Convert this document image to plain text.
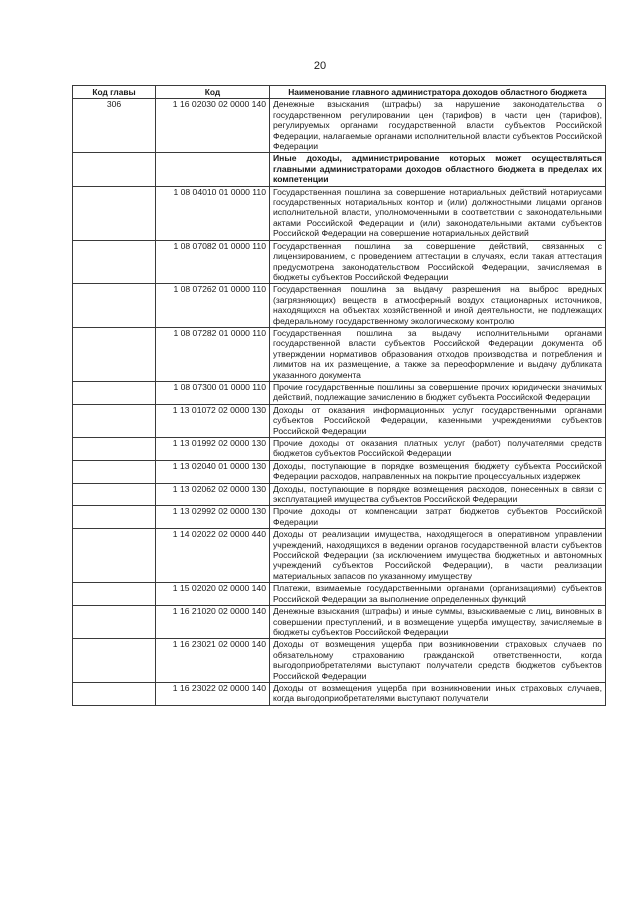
20
Код главы	Код	Наименование главного администратора доходов областного бюджета
306	1 16 02030 02 0000 140	Денежные взыскания (штрафы) за нарушение законодательства о государственном регулировании цен (тарифов) в части цен (тарифов), регулируемых органами государственной власти субъектов Российской Федерации, налагаемые органами исполнительной власти субъектов Российской Федерации
		Иные доходы, администрирование которых может осуществляться главными администраторами доходов областного бюджета в пределах их компетенции
	1 08 04010 01 0000 110	Государственная пошлина за совершение нотариальных действий нотариусами государственных нотариальных контор и (или) должностными лицами органов исполнительной власти, уполномоченными в соответствии с законодательными актами Российской Федерации и (или) законодательными актами субъектов Российской Федерации на совершение нотариальных действий
	1 08 07082 01 0000 110	Государственная пошлина за совершение действий, связанных с лицензированием, с проведением аттестации в случаях, если такая аттестация предусмотрена законодательством Российской Федерации, зачисляемая в бюджеты субъектов Российской Федерации
	1 08 07262 01 0000 110	Государственная пошлина за выдачу разрешения на выброс вредных (загрязняющих) веществ в атмосферный воздух стационарных источников, находящихся на объектах хозяйственной и иной деятельности, не подлежащих федеральному государственному экологическому контролю
	1 08 07282 01 0000 110	Государственная пошлина за выдачу исполнительными органами государственной власти субъектов Российской Федерации документа об утверждении нормативов образования отходов производства и потребления и лимитов на их размещение, а также за переоформление и выдачу дубликата указанного документа
	1 08 07300 01 0000 110	Прочие государственные пошлины за совершение прочих юридически значимых действий, подлежащие зачислению в бюджет субъекта Российской Федерации
	1 13 01072 02 0000 130	Доходы от оказания информационных услуг государственными органами субъектов Российской Федерации, казенными учреждениями субъектов Российской Федерации
	1 13 01992 02 0000 130	Прочие доходы от оказания платных услуг (работ) получателями средств бюджетов субъектов Российской Федерации
	1 13 02040 01 0000 130	Доходы, поступающие в порядке возмещения бюджету субъекта Российской Федерации расходов, направленных на покрытие процессуальных издержек
	1 13 02062 02 0000 130	Доходы, поступающие в порядке возмещения расходов, понесенных в связи с эксплуатацией имущества субъектов Российской Федерации
	1 13 02992 02 0000 130	Прочие доходы от компенсации затрат бюджетов субъектов Российской Федерации
	1 14 02022 02 0000 440	Доходы от реализации имущества, находящегося в оперативном управлении учреждений, находящихся в ведении органов государственной власти субъектов Российской Федерации (за исключением имущества бюджетных и автономных учреждений субъектов Российской Федерации), в части реализации материальных запасов по указанному имуществу
	1 15 02020 02 0000 140	Платежи, взимаемые государственными органами (организациями) субъектов Российской Федерации за выполнение определенных функций
	1 16 21020 02 0000 140	Денежные взыскания (штрафы) и иные суммы, взыскиваемые с лиц, виновных в совершении преступлений, и в возмещение ущерба имуществу, зачисляемые в бюджеты субъектов Российской Федерации
	1 16 23021 02 0000 140	Доходы от возмещения ущерба при возникновении страховых случаев по обязательному страхованию гражданской ответственности, когда выгодоприобретателями выступают получатели средств бюджетов субъектов Российской Федерации
	1 16 23022 02 0000 140	Доходы от возмещения ущерба при возникновении иных страховых случаев, когда выгодоприобретателями выступают получатели
